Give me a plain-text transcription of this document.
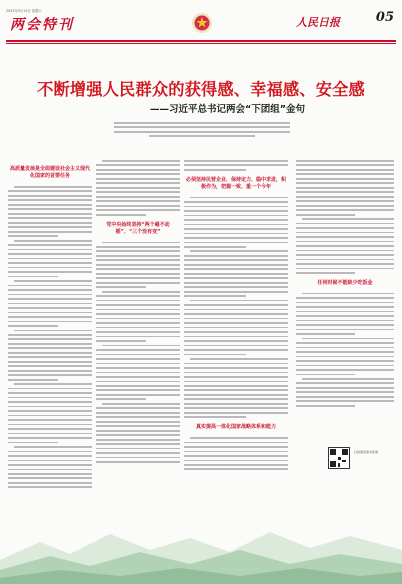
2025年3月15日 星期六
两会特刊	人民日报	05
不断增强人民群众的获得感、幸福感、安全感
——习近平总书记两会“下团组”金句
高质量发展是全面建设社会主义现代化国家的首要任务
党中央始终坚持“两个毫不动摇”、“三个没有变”
必须坚持民营企业、保持定力、稳中求进，积极作为，把握一致、重一个今年
真实提高一体化国家战略体系和能力
任何时候不能缺少吃饭金
扫码阅读更多报道
